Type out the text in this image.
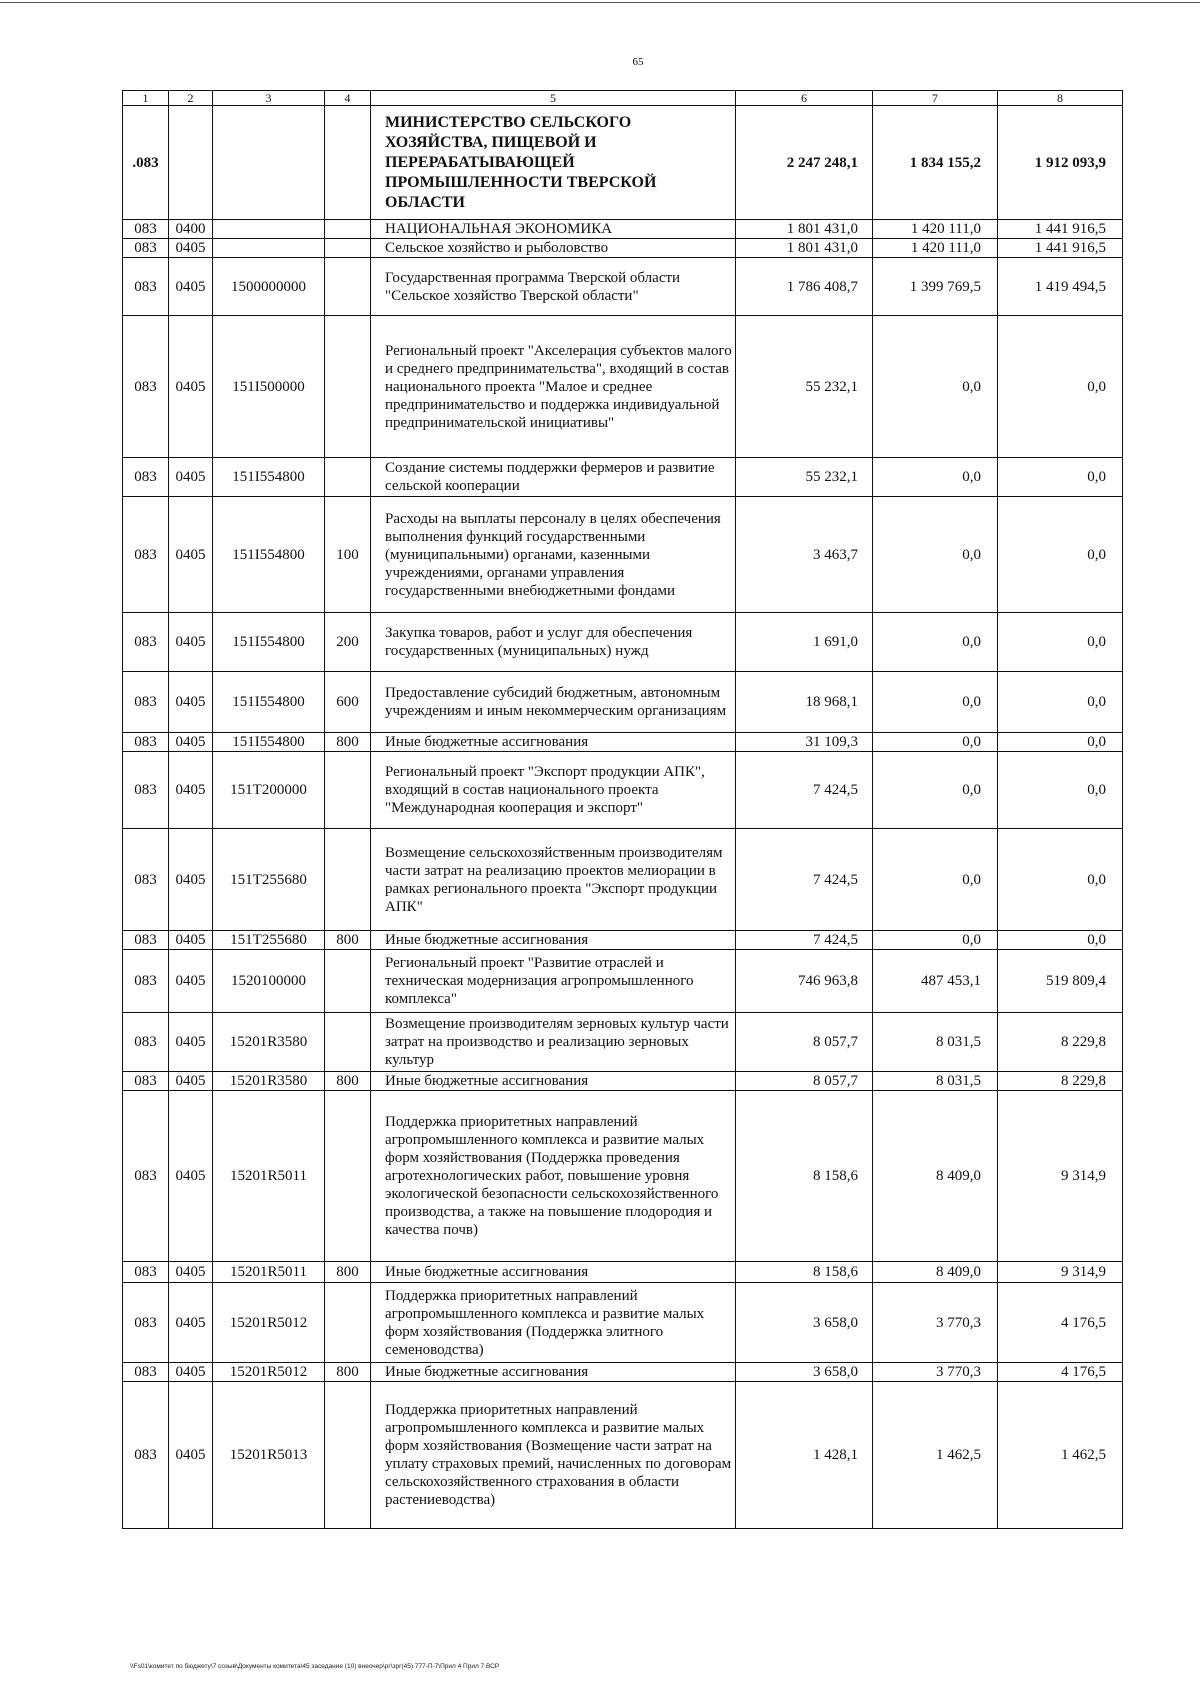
65
1	2	3	4	5	6	7	8
.083				МИНИСТЕРСТВО СЕЛЬСКОГО ХОЗЯЙСТВА, ПИЩЕВОЙ И ПЕРЕРАБАТЫВАЮЩЕЙ ПРОМЫШЛЕННОСТИ ТВЕРСКОЙ ОБЛАСТИ	2 247 248,1	1 834 155,2	1 912 093,9
083	0400			НАЦИОНАЛЬНАЯ ЭКОНОМИКА	1 801 431,0	1 420 111,0	1 441 916,5
083	0405			Сельское хозяйство и рыболовство	1 801 431,0	1 420 111,0	1 441 916,5
083	0405	1500000000		Государственная программа Тверской области "Сельское хозяйство Тверской области"	1 786 408,7	1 399 769,5	1 419 494,5
083	0405	151I500000		Региональный проект "Акселерация субъектов малого и среднего предпринимательства", входящий в состав национального проекта "Малое и среднее предпринимательство и поддержка индивидуальной предпринимательской инициативы"	55 232,1	0,0	0,0
083	0405	151I554800		Создание системы поддержки фермеров и развитие сельской кооперации	55 232,1	0,0	0,0
083	0405	151I554800	100	Расходы на выплаты персоналу в целях обеспечения выполнения функций государственными (муниципальными) органами, казенными учреждениями, органами управления государственными внебюджетными фондами	3 463,7	0,0	0,0
083	0405	151I554800	200	Закупка товаров, работ и услуг для обеспечения государственных (муниципальных) нужд	1 691,0	0,0	0,0
083	0405	151I554800	600	Предоставление субсидий бюджетным, автономным учреждениям и иным некоммерческим организациям	18 968,1	0,0	0,0
083	0405	151I554800	800	Иные бюджетные ассигнования	31 109,3	0,0	0,0
083	0405	151T200000		Региональный проект "Экспорт продукции АПК", входящий в состав национального проекта "Международная кооперация и экспорт"	7 424,5	0,0	0,0
083	0405	151T255680		Возмещение сельскохозяйственным производителям части затрат на реализацию проектов мелиорации в рамках регионального проекта "Экспорт продукции АПК"	7 424,5	0,0	0,0
083	0405	151T255680	800	Иные бюджетные ассигнования	7 424,5	0,0	0,0
083	0405	1520100000		Региональный проект "Развитие отраслей и техническая модернизация агропромышленного комплекса"	746 963,8	487 453,1	519 809,4
083	0405	15201R3580		Возмещение производителям зерновых культур части затрат на производство и реализацию зерновых культур	8 057,7	8 031,5	8 229,8
083	0405	15201R3580	800	Иные бюджетные ассигнования	8 057,7	8 031,5	8 229,8
083	0405	15201R5011		Поддержка приоритетных направлений агропромышленного комплекса и развитие малых форм хозяйствования (Поддержка проведения агротехнологических работ, повышение уровня экологической безопасности сельскохозяйственного производства, а также на повышение плодородия и качества почв)	8 158,6	8 409,0	9 314,9
083	0405	15201R5011	800	Иные бюджетные ассигнования	8 158,6	8 409,0	9 314,9
083	0405	15201R5012		Поддержка приоритетных направлений агропромышленного комплекса и развитие малых форм хозяйствования (Поддержка элитного семеноводства)	3 658,0	3 770,3	4 176,5
083	0405	15201R5012	800	Иные бюджетные ассигнования	3 658,0	3 770,3	4 176,5
083	0405	15201R5013		Поддержка приоритетных направлений агропромышленного комплекса и развитие малых форм хозяйствования (Возмещение части затрат на уплату страховых премий, начисленных по договорам сельскохозяйственного страхования в области растениеводства)	1 428,1	1 462,5	1 462,5
\\Fs01\комитет по бюджету\7 созыв\Документы комитета\45 заседание (10) внеочер\рг\зрг(45) 777-П-7\Прил 4 Прил 7 ВСР
